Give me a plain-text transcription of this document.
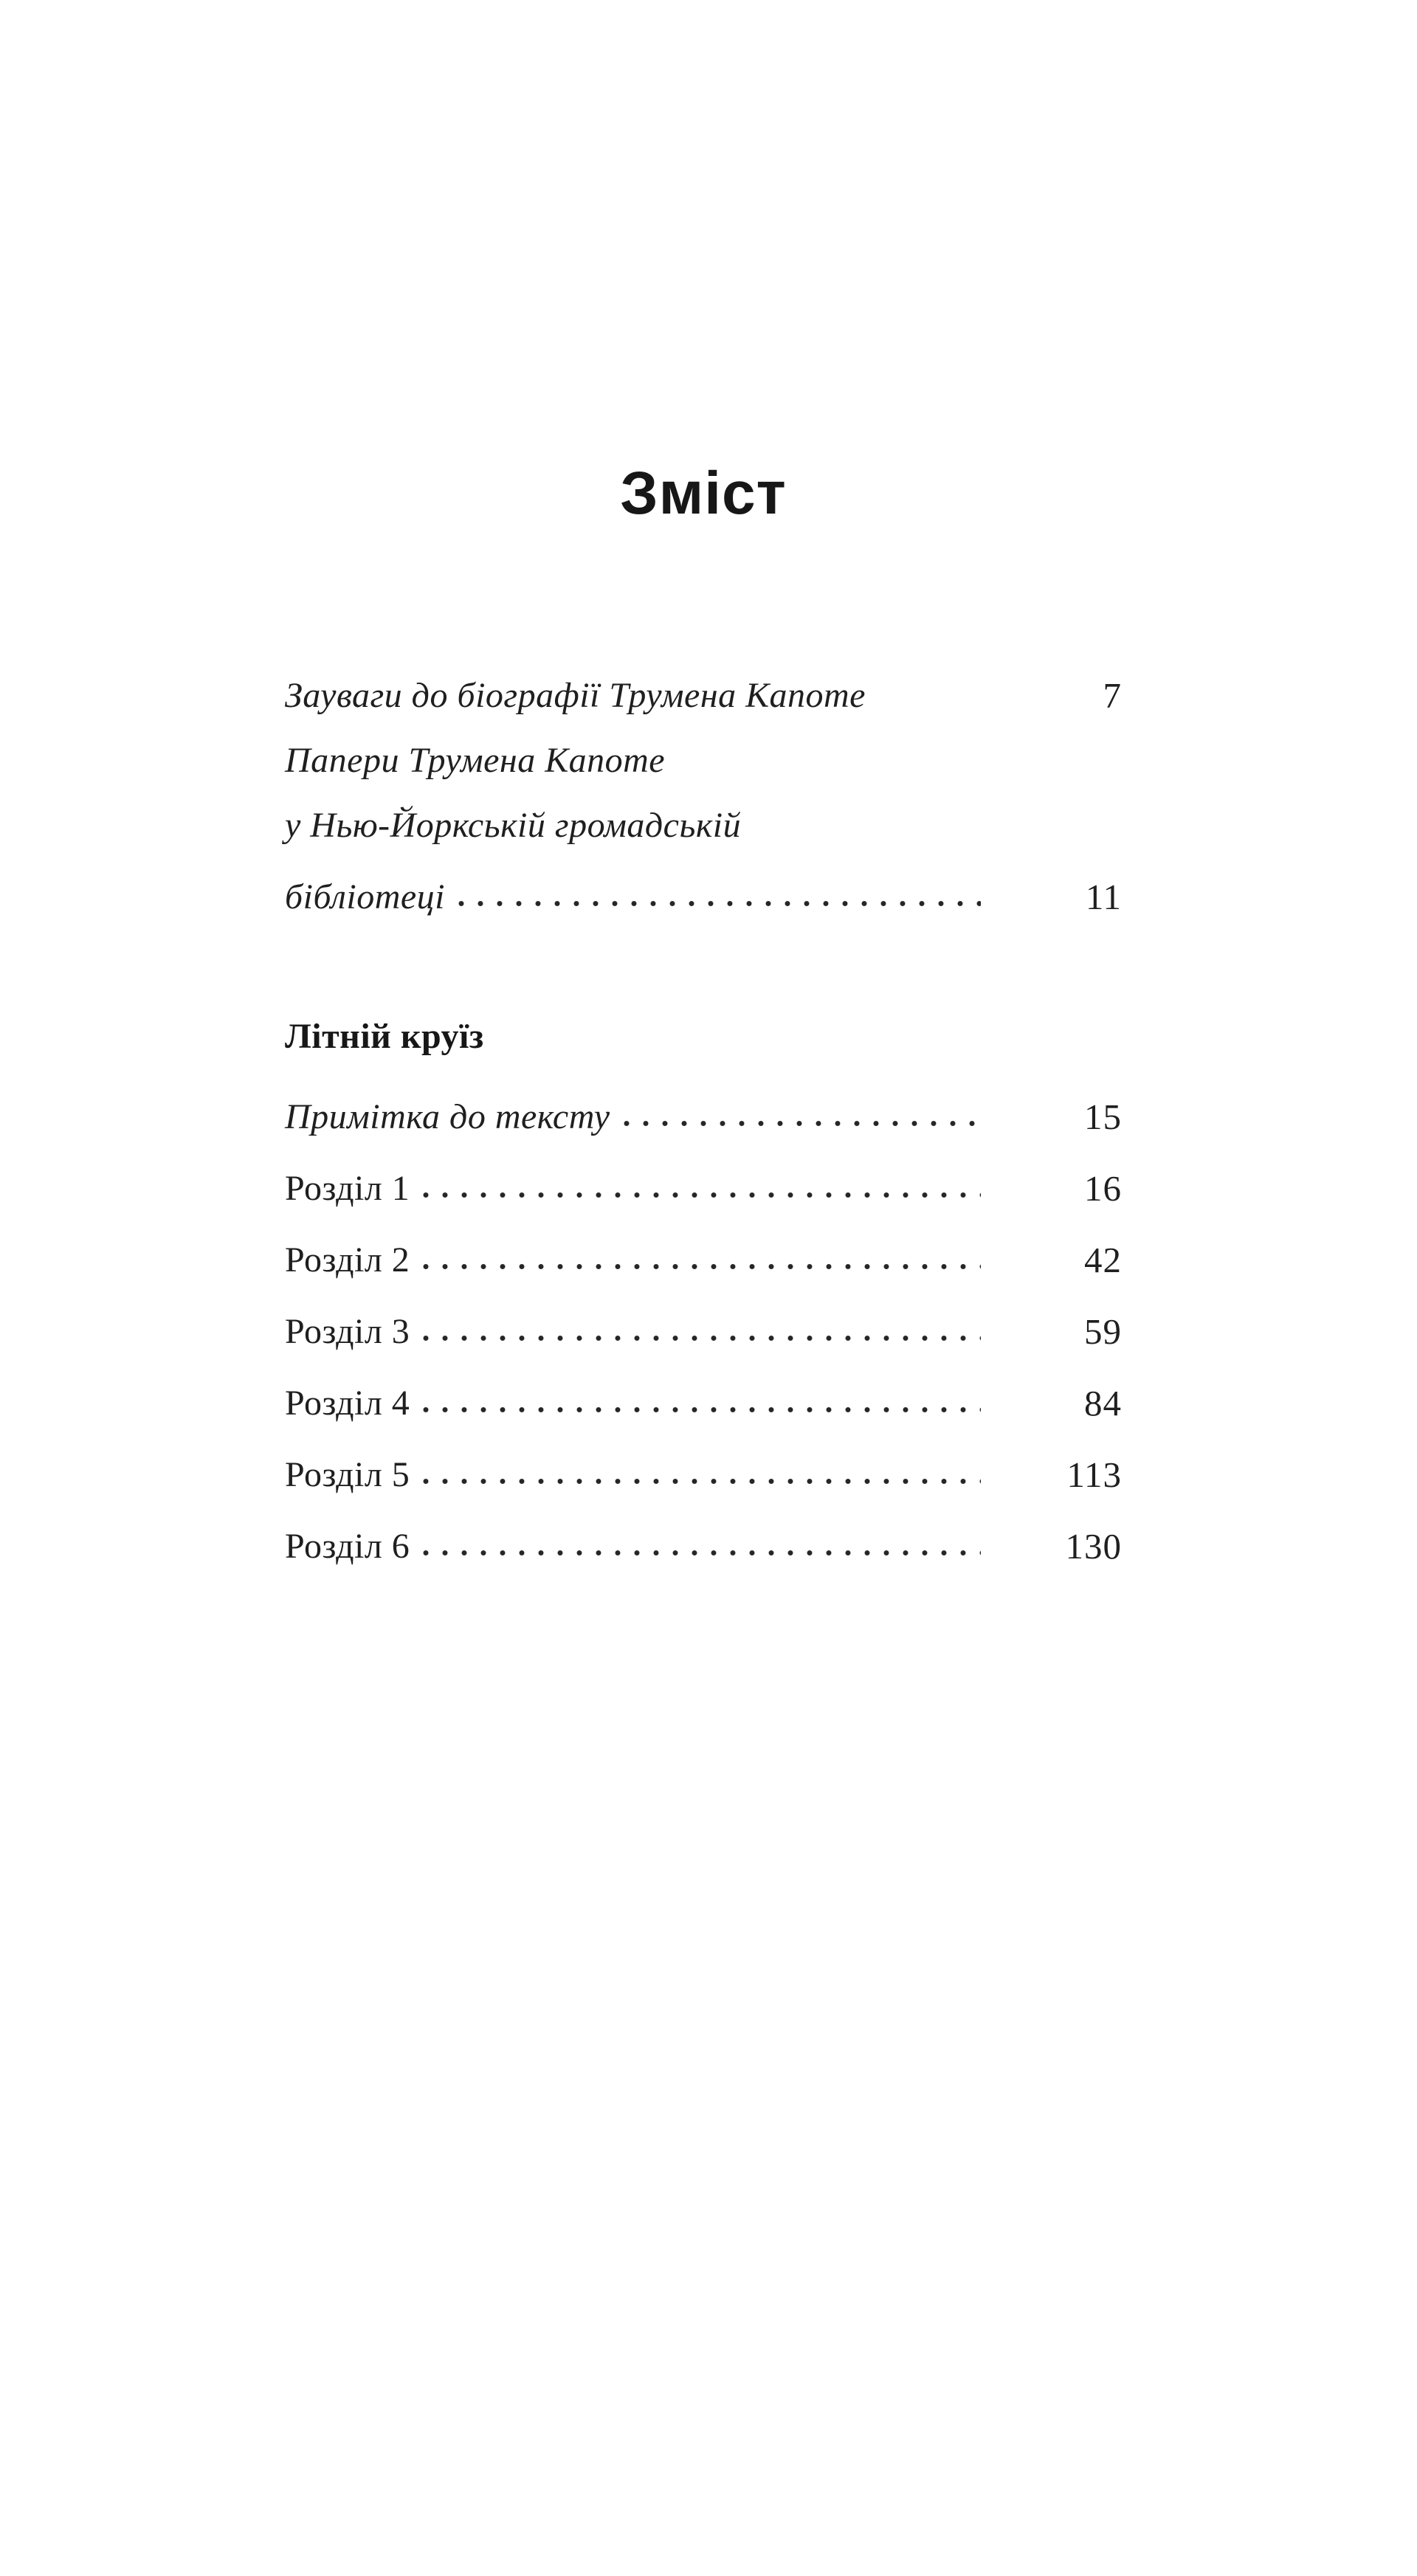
Зміст
Зауваги до біографії Трумена Капоте	7
Папери Трумена Капоте
у Нью-Йоркській громадській
бібліотеці	11
Літній круїз
Примітка до тексту	15
Розділ 1	16
Розділ 2	42
Розділ 3	59
Розділ 4	84
Розділ 5	113
Розділ 6	130
